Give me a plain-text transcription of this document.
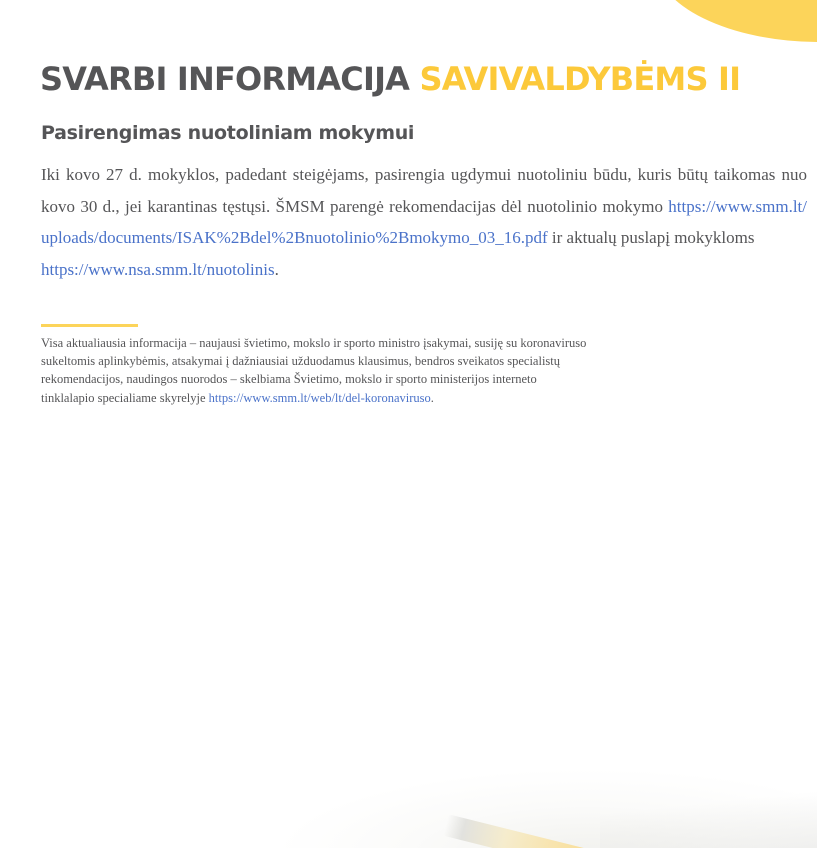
SVARBI INFORMACIJA SAVIVALDYBĖMS II
Pasirengimas nuotoliniam mokymui

Iki kovo 27 d. mokyklos, padedant steigėjams, pasirengia ugdymui nuotoliniu būdu, kuris būtų taikomas nuo
kovo 30 d., jei karantinas tęstųsi. ŠMSM parengė rekomendacijas dėl nuotolinio mokymo https://www.smm.lt/
uploads/documents/ISAK%2Bdel%2Bnuotolinio%2Bmokymo_03_16.pdf ir aktualų puslapį mokykloms
https://www.nsa.smm.lt/nuotolinis.

Visa aktualiausia informacija – naujausi švietimo, mokslo ir sporto ministro įsakymai, susiję su koronaviruso
sukeltomis aplinkybėmis, atsakymai į dažniausiai užduodamus klausimus, bendros sveikatos specialistų
rekomendacijos, naudingos nuorodos – skelbiama Švietimo, mokslo ir sporto ministerijos interneto
tinklalapio specialiame skyrelyje https://www.smm.lt/web/lt/del-koronaviruso.
